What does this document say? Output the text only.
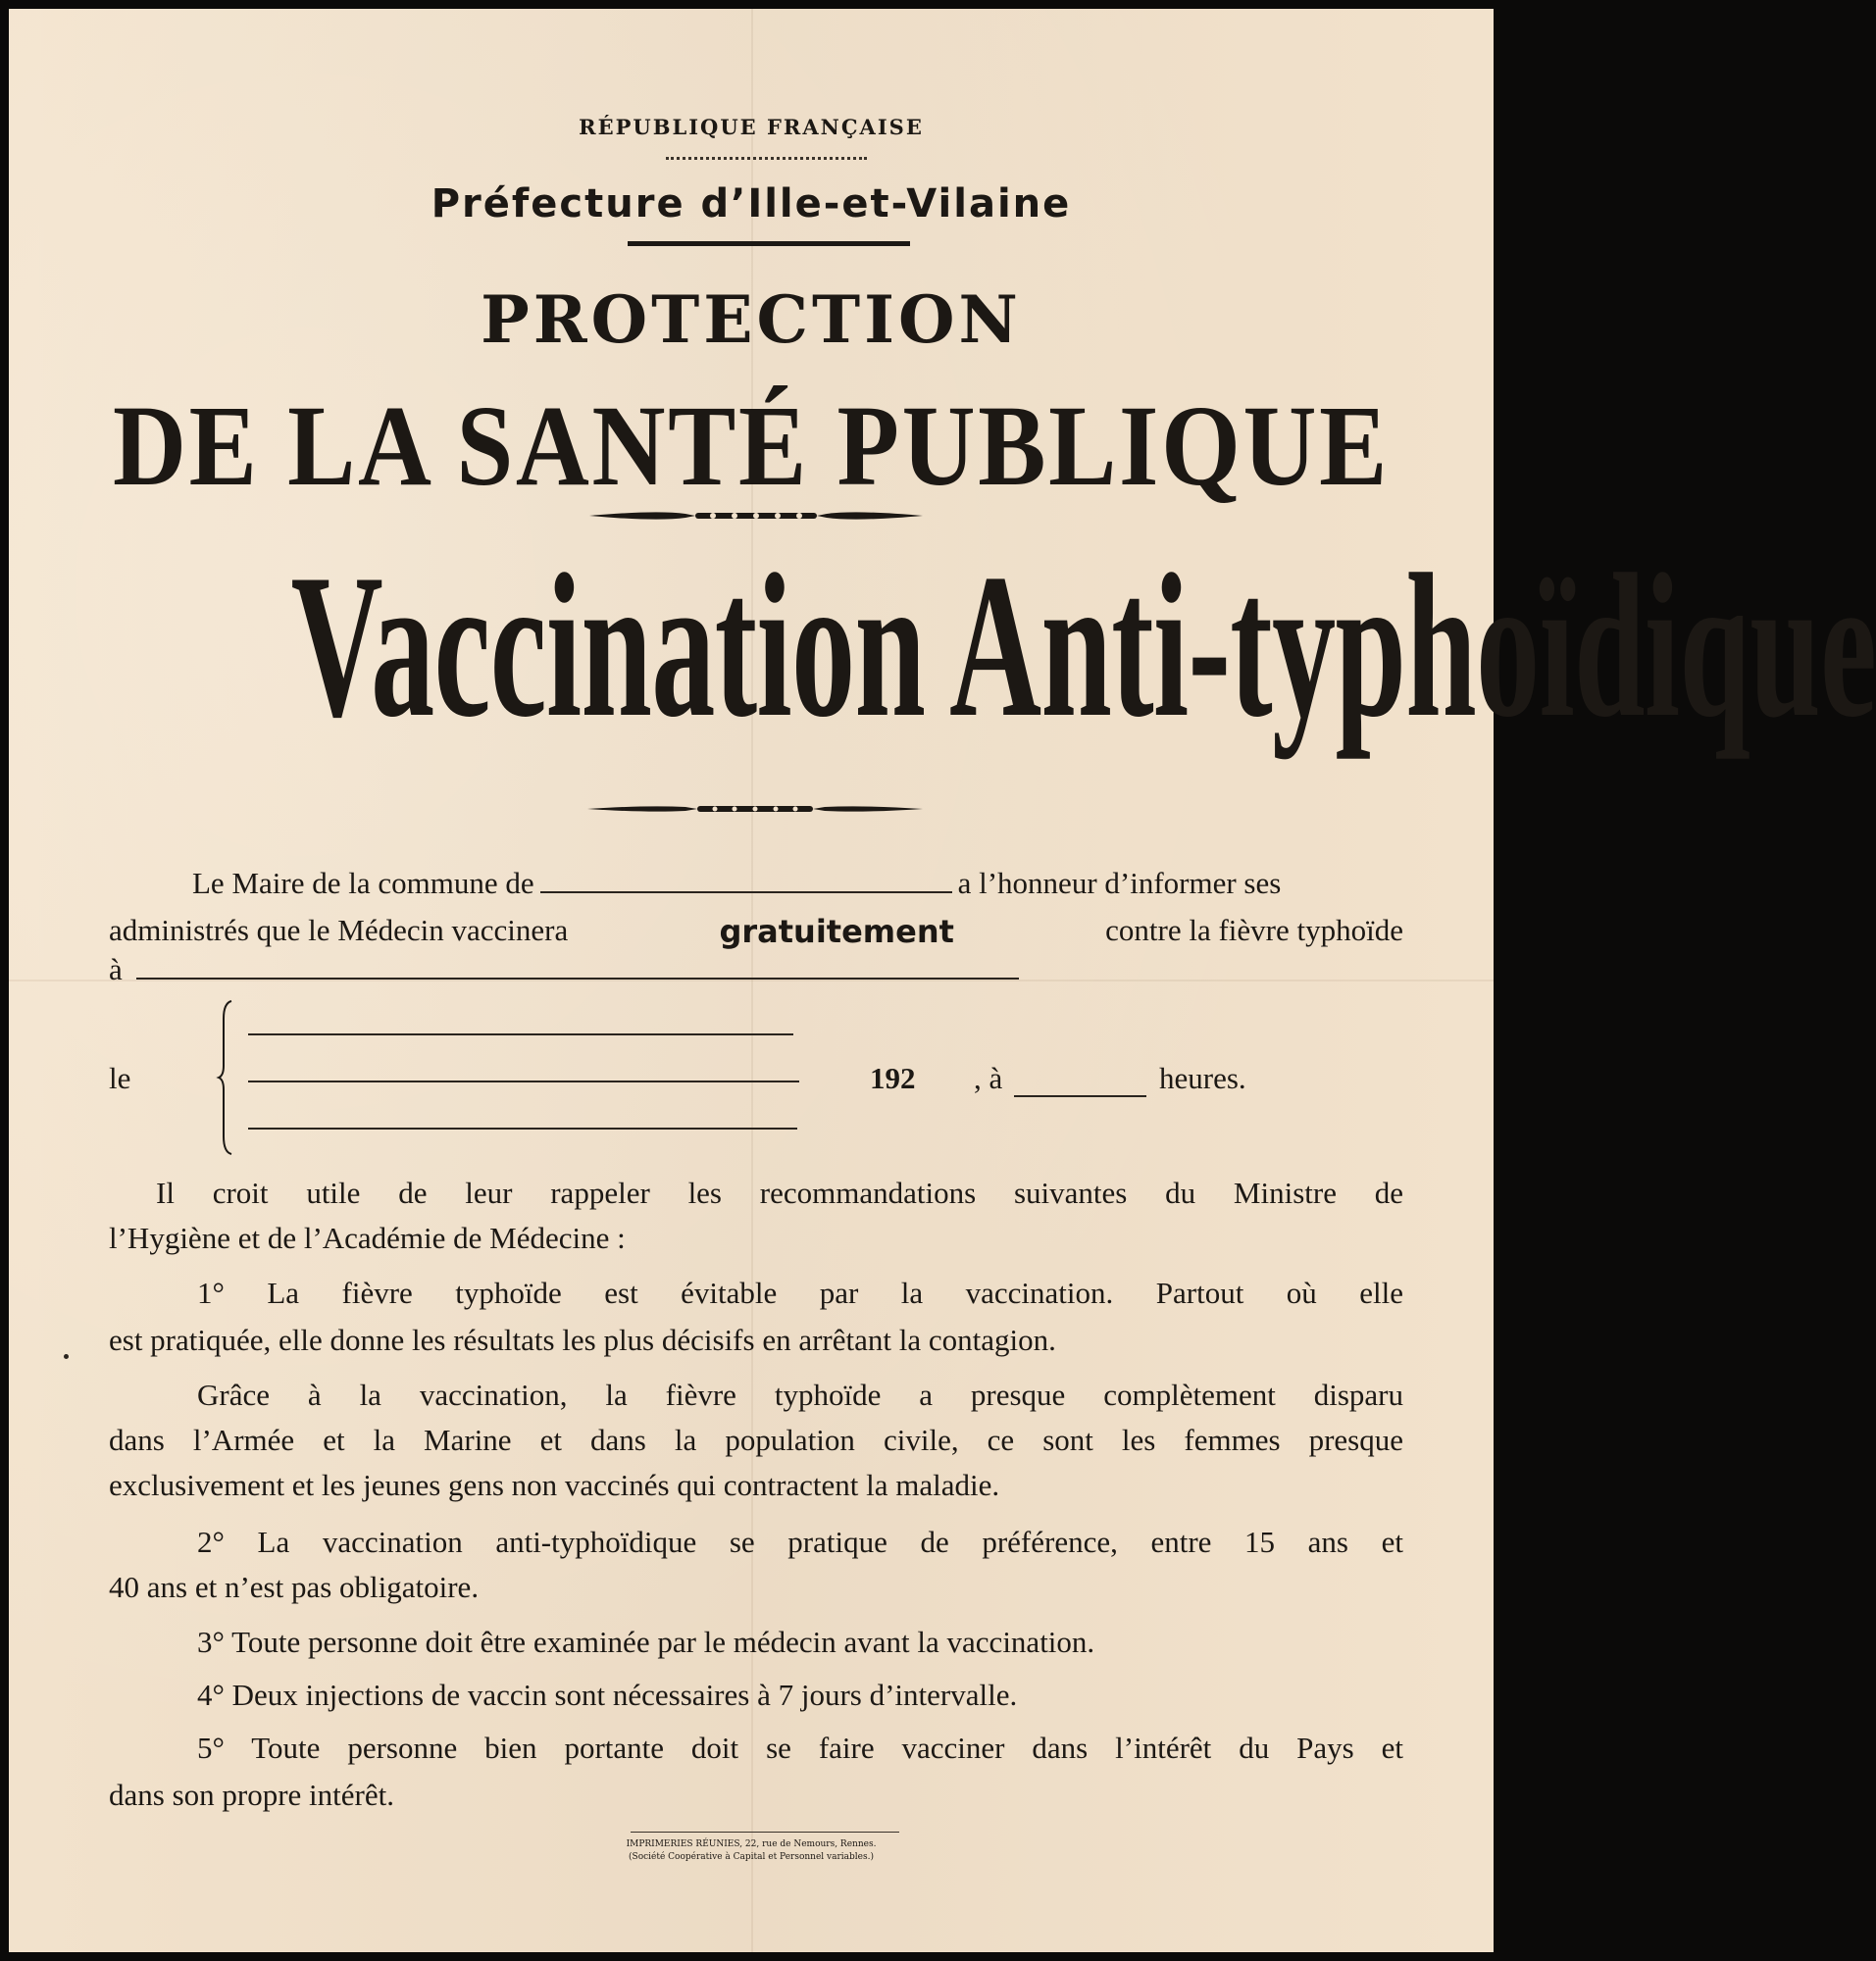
RÉPUBLIQUE FRANÇAISE
Préfecture d’Ille-et-Vilaine
PROTECTION
DE LA SANTÉ PUBLIQUE
Vaccination Anti-typhoïdique
Le Maire de la commune de	a l’honneur d’informer ses
administrés que le Médecin vaccinera	gratuitement	contre la fièvre typhoïde
à
le	192 , à	heures.
Il croit utile de leur rappeler les recommandations suivantes du Ministre de
l’Hygiène et de l’Académie de Médecine :
1° La fièvre typhoïde est évitable par la vaccination. Partout où elle
est pratiquée, elle donne les résultats les plus décisifs en arrêtant la contagion.
Grâce à la vaccination, la fièvre typhoïde a presque complètement disparu
dans l’Armée et la Marine et dans la population civile, ce sont les femmes presque
exclusivement et les jeunes gens non vaccinés qui contractent la maladie.
2° La vaccination anti-typhoïdique se pratique de préférence, entre 15 ans et
40 ans et n’est pas obligatoire.
3° Toute personne doit être examinée par le médecin avant la vaccination.
4° Deux injections de vaccin sont nécessaires à 7 jours d’intervalle.
5° Toute personne bien portante doit se faire vacciner dans l’intérêt du Pays et
dans son propre intérêt.
IMPRIMERIES RÉUNIES, 22, rue de Nemours, Rennes.
(Société Coopérative à Capital et Personnel variables.)
